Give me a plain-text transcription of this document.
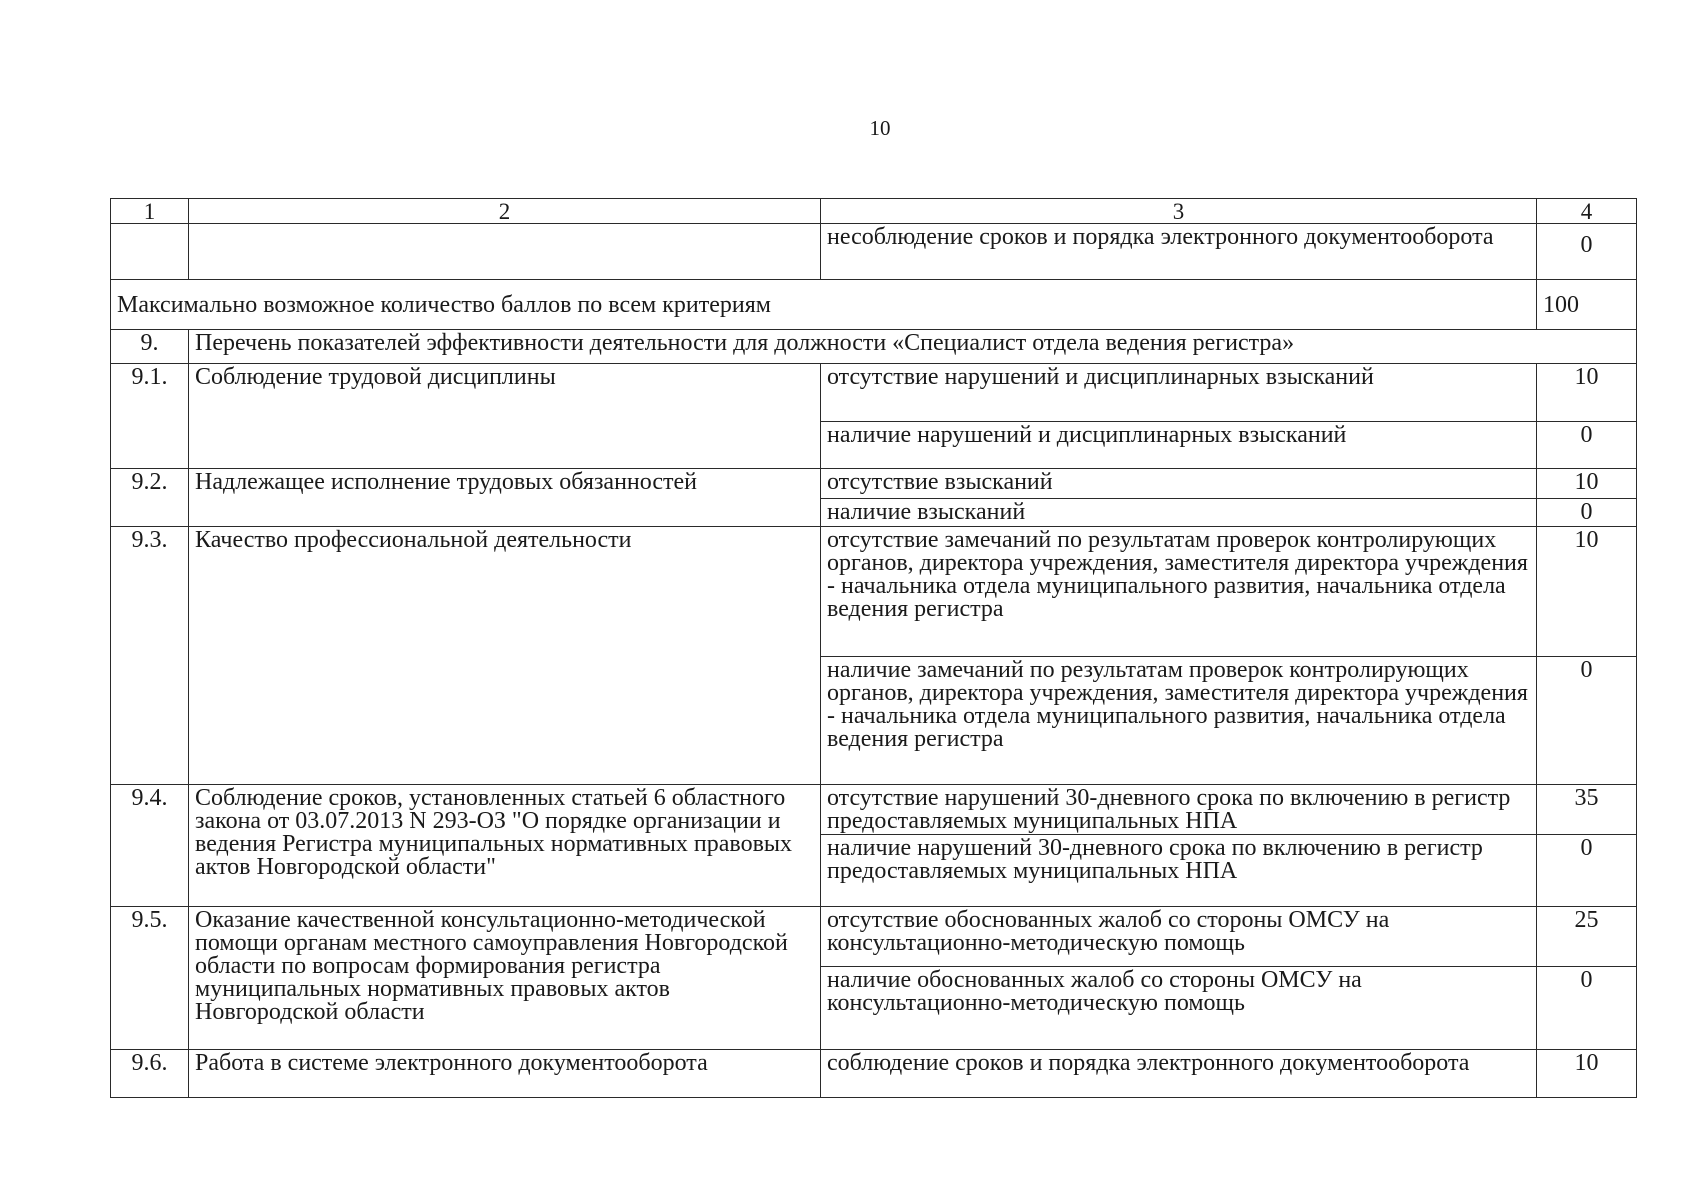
10
1	2	3	4
		несоблюдение сроков и порядка электронного документооборота	0
Максимально возможное количество баллов по всем критериям			100
9.	Перечень показателей эффективности деятельности для должности «Специалист отдела ведения регистра»		
9.1.	Соблюдение трудовой дисциплины	отсутствие нарушений и дисциплинарных взысканий	10
		наличие нарушений и дисциплинарных взысканий	0
9.2.	Надлежащее исполнение трудовых обязанностей	отсутствие взысканий	10
		наличие взысканий	0
9.3.	Качество профессиональной деятельности	отсутствие замечаний по результатам проверок контролирующих органов, директора учреждения, заместителя директора учреждения - начальника отдела муниципального развития, начальника отдела ведения регистра	10
		наличие замечаний по результатам проверок контролирующих органов, директора учреждения, заместителя директора учреждения - начальника отдела муниципального развития, начальника отдела ведения регистра	0
9.4.	Соблюдение сроков, установленных статьей 6 областного закона от 03.07.2013 N 293-ОЗ "О порядке организации и ведения Регистра муниципальных нормативных правовых актов Новгородской области"	отсутствие нарушений 30-дневного срока по включению в регистр предоставляемых муниципальных НПА	35
		наличие нарушений 30-дневного срока по включению в регистр предоставляемых муниципальных НПА	0
9.5.	Оказание качественной консультационно-методической помощи органам местного самоуправления Новгородской области по вопросам формирования регистра муниципальных нормативных правовых актов Новгородской области	отсутствие обоснованных жалоб со стороны ОМСУ на консультационно-методическую помощь	25
		наличие обоснованных жалоб со стороны ОМСУ на консультационно-методическую помощь	0
9.6.	Работа в системе электронного документооборота	соблюдение сроков и порядка электронного документооборота	10
